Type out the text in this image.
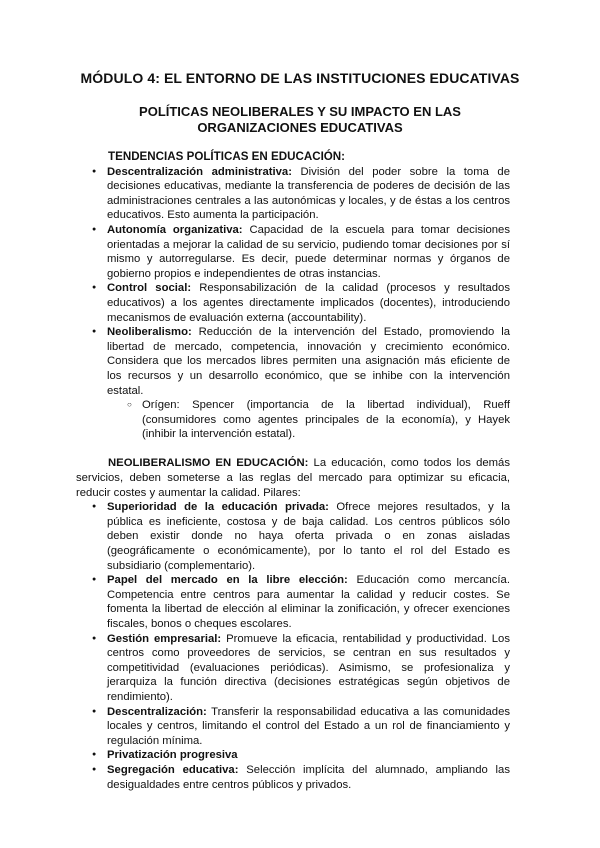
MÓDULO 4: EL ENTORNO DE LAS INSTITUCIONES EDUCATIVAS
POLÍTICAS NEOLIBERALES Y SU IMPACTO EN LAS ORGANIZACIONES EDUCATIVAS
TENDENCIAS POLÍTICAS EN EDUCACIÓN:
● Descentralización administrativa: División del poder sobre la toma de decisiones educativas, mediante la transferencia de poderes de decisión de las administraciones centrales a las autonómicas y locales, y de éstas a los centros educativos. Esto aumenta la participación.
● Autonomía organizativa: Capacidad de la escuela para tomar decisiones orientadas a mejorar la calidad de su servicio, pudiendo tomar decisiones por sí mismo y autorregularse. Es decir, puede determinar normas y órganos de gobierno propios e independientes de otras instancias.
● Control social: Responsabilización de la calidad (procesos y resultados educativos) a los agentes directamente implicados (docentes), introduciendo mecanismos de evaluación externa (accountability).
● Neoliberalismo: Reducción de la intervención del Estado, promoviendo la libertad de mercado, competencia, innovación y crecimiento económico. Considera que los mercados libres permiten una asignación más eficiente de los recursos y un desarrollo económico, que se inhibe con la intervención estatal.
○ Orígen: Spencer (importancia de la libertad individual), Rueff (consumidores como agentes principales de la economía), y Hayek (inhibir la intervención estatal).

NEOLIBERALISMO EN EDUCACIÓN: La educación, como todos los demás servicios, deben someterse a las reglas del mercado para optimizar su eficacia, reducir costes y aumentar la calidad. Pilares:

● Superioridad de la educación privada: Ofrece mejores resultados, y la pública es ineficiente, costosa y de baja calidad. Los centros públicos sólo deben existir donde no haya oferta privada o en zonas aisladas (geográficamente o económicamente), por lo tanto el rol del Estado es subsidiario (complementario).
● Papel del mercado en la libre elección: Educación como mercancía. Competencia entre centros para aumentar la calidad y reducir costes. Se fomenta la libertad de elección al eliminar la zonificación, y ofrecer exenciones fiscales, bonos o cheques escolares.
● Gestión empresarial: Promueve la eficacia, rentabilidad y productividad. Los centros como proveedores de servicios, se centran en sus resultados y competitividad (evaluaciones periódicas). Asimismo, se profesionaliza y jerarquiza la función directiva (decisiones estratégicas según objetivos de rendimiento).
● Descentralización: Transferir la responsabilidad educativa a las comunidades locales y centros, limitando el control del Estado a un rol de financiamiento y regulación mínima.
● Privatización progresiva
● Segregación educativa: Selección implícita del alumnado, ampliando las desigualdades entre centros públicos y privados.
